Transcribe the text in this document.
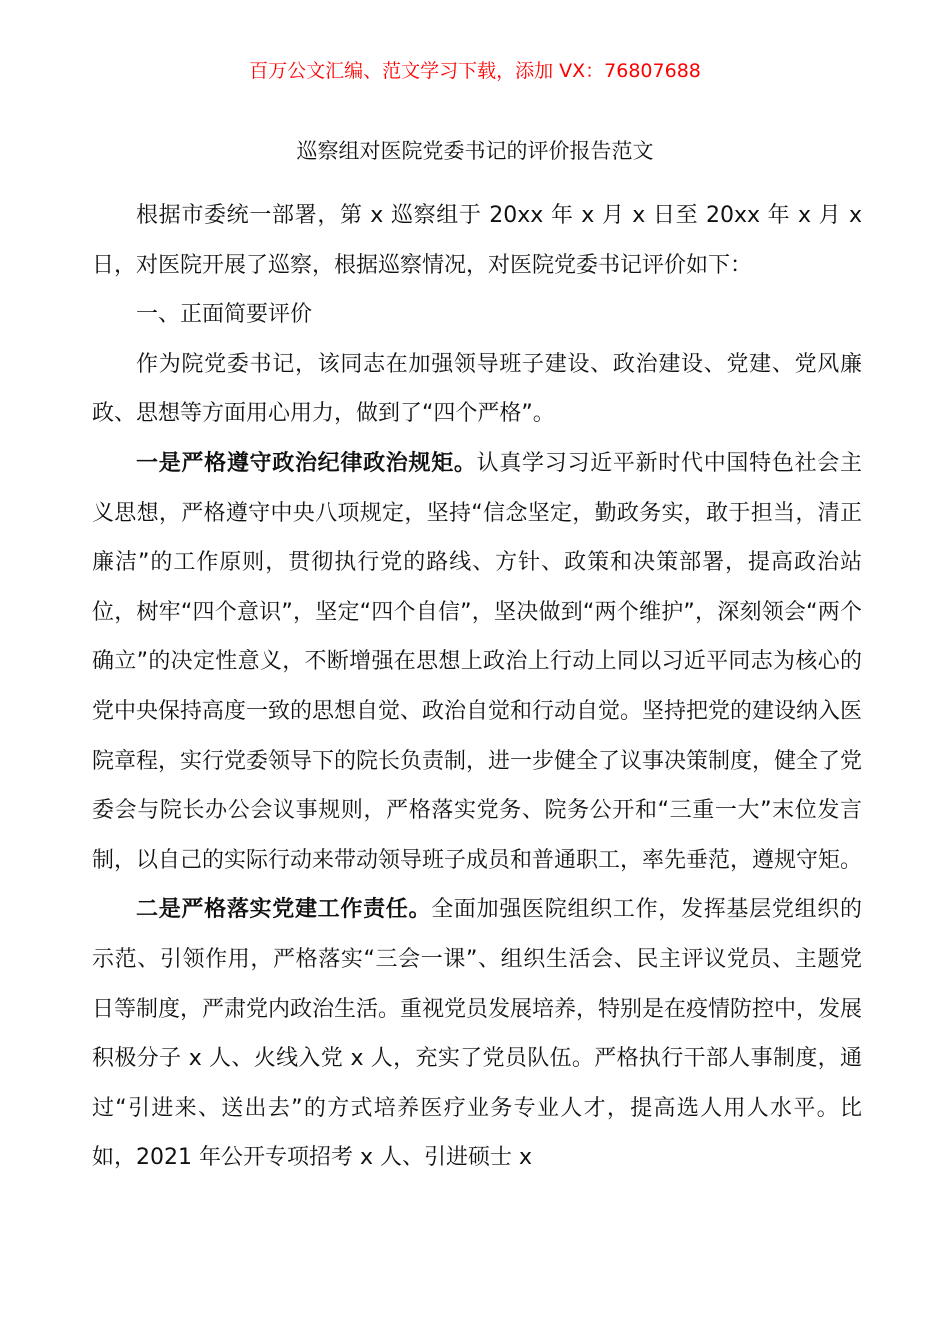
百万公文汇编、范文学习下载，添加 VX：76807688
巡察组对医院党委书记的评价报告范文

根据市委统一部署，第 x 巡察组于 20xx 年 x 月 x 日至 20xx 年 x 月 x 日，对医院开展了巡察，根据巡察情况，对医院党委书记评价如下：

一、正面简要评价

作为院党委书记，该同志在加强领导班子建设、政治建设、党建、党风廉政、思想等方面用心用力，做到了“四个严格”。

一是严格遵守政治纪律政治规矩。认真学习习近平新时代中国特色社会主义思想，严格遵守中央八项规定，坚持“信念坚定，勤政务实，敢于担当，清正廉洁”的工作原则，贯彻执行党的路线、方针、政策和决策部署，提高政治站位，树牢“四个意识”，坚定“四个自信”，坚决做到“两个维护”，深刻领会“两个确立”的决定性意义，不断增强在思想上政治上行动上同以习近平同志为核心的党中央保持高度一致的思想自觉、政治自觉和行动自觉。坚持把党的建设纳入医院章程，实行党委领导下的院长负责制，进一步健全了议事决策制度，健全了党委会与院长办公会议事规则，严格落实党务、院务公开和“三重一大”末位发言制，以自己的实际行动来带动领导班子成员和普通职工，率先垂范，遵规守矩。

二是严格落实党建工作责任。全面加强医院组织工作，发挥基层党组织的示范、引领作用，严格落实“三会一课”、组织生活会、民主评议党员、主题党日等制度，严肃党内政治生活。重视党员发展培养，特别是在疫情防控中，发展积极分子 x 人、火线入党 x 人，充实了党员队伍。严格执行干部人事制度，通过“引进来、送出去”的方式培养医疗业务专业人才，提高选人用人水平。比如，2021 年公开专项招考 x 人、引进硕士 x
